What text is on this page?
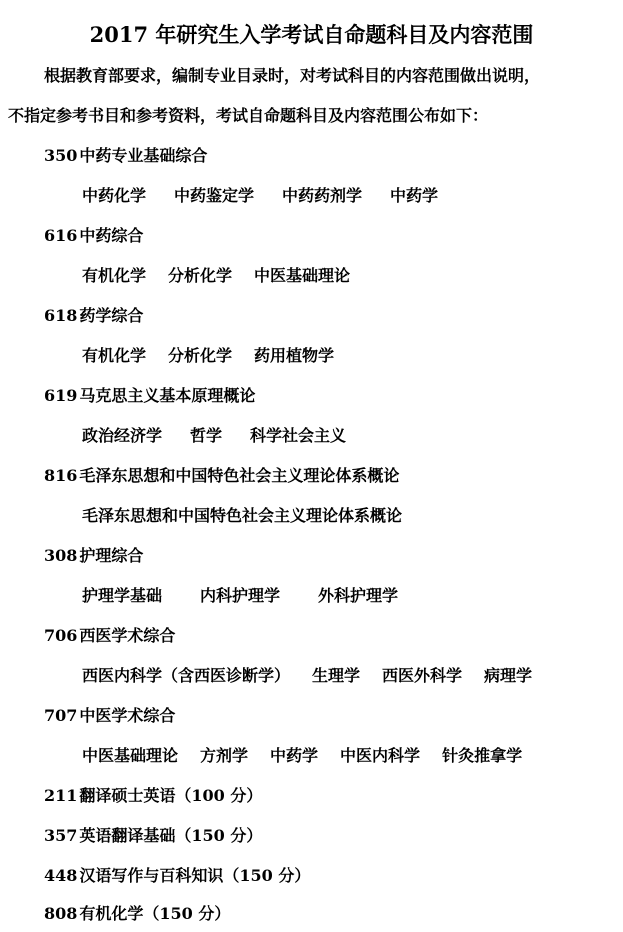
2017 年研究生入学考试自命题科目及内容范围
根据教育部要求，编制专业目录时，对考试科目的内容范围做出说明，
不指定参考书目和参考资料，考试自命题科目及内容范围公布如下：
350 中药专业基础综合
中药化学 中药鉴定学 中药药剂学 中药学
616 中药综合
有机化学 分析化学 中医基础理论
618 药学综合
有机化学 分析化学 药用植物学
619 马克思主义基本原理概论
政治经济学 哲学 科学社会主义
816 毛泽东思想和中国特色社会主义理论体系概论
毛泽东思想和中国特色社会主义理论体系概论
308 护理综合
护理学基础 内科护理学 外科护理学
706 西医学术综合
西医内科学（含西医诊断学） 生理学 西医外科学 病理学
707 中医学术综合
中医基础理论 方剂学 中药学 中医内科学 针灸推拿学
211 翻译硕士英语（100 分）
357 英语翻译基础（150 分）
448 汉语写作与百科知识（150 分）
808 有机化学（150 分）
